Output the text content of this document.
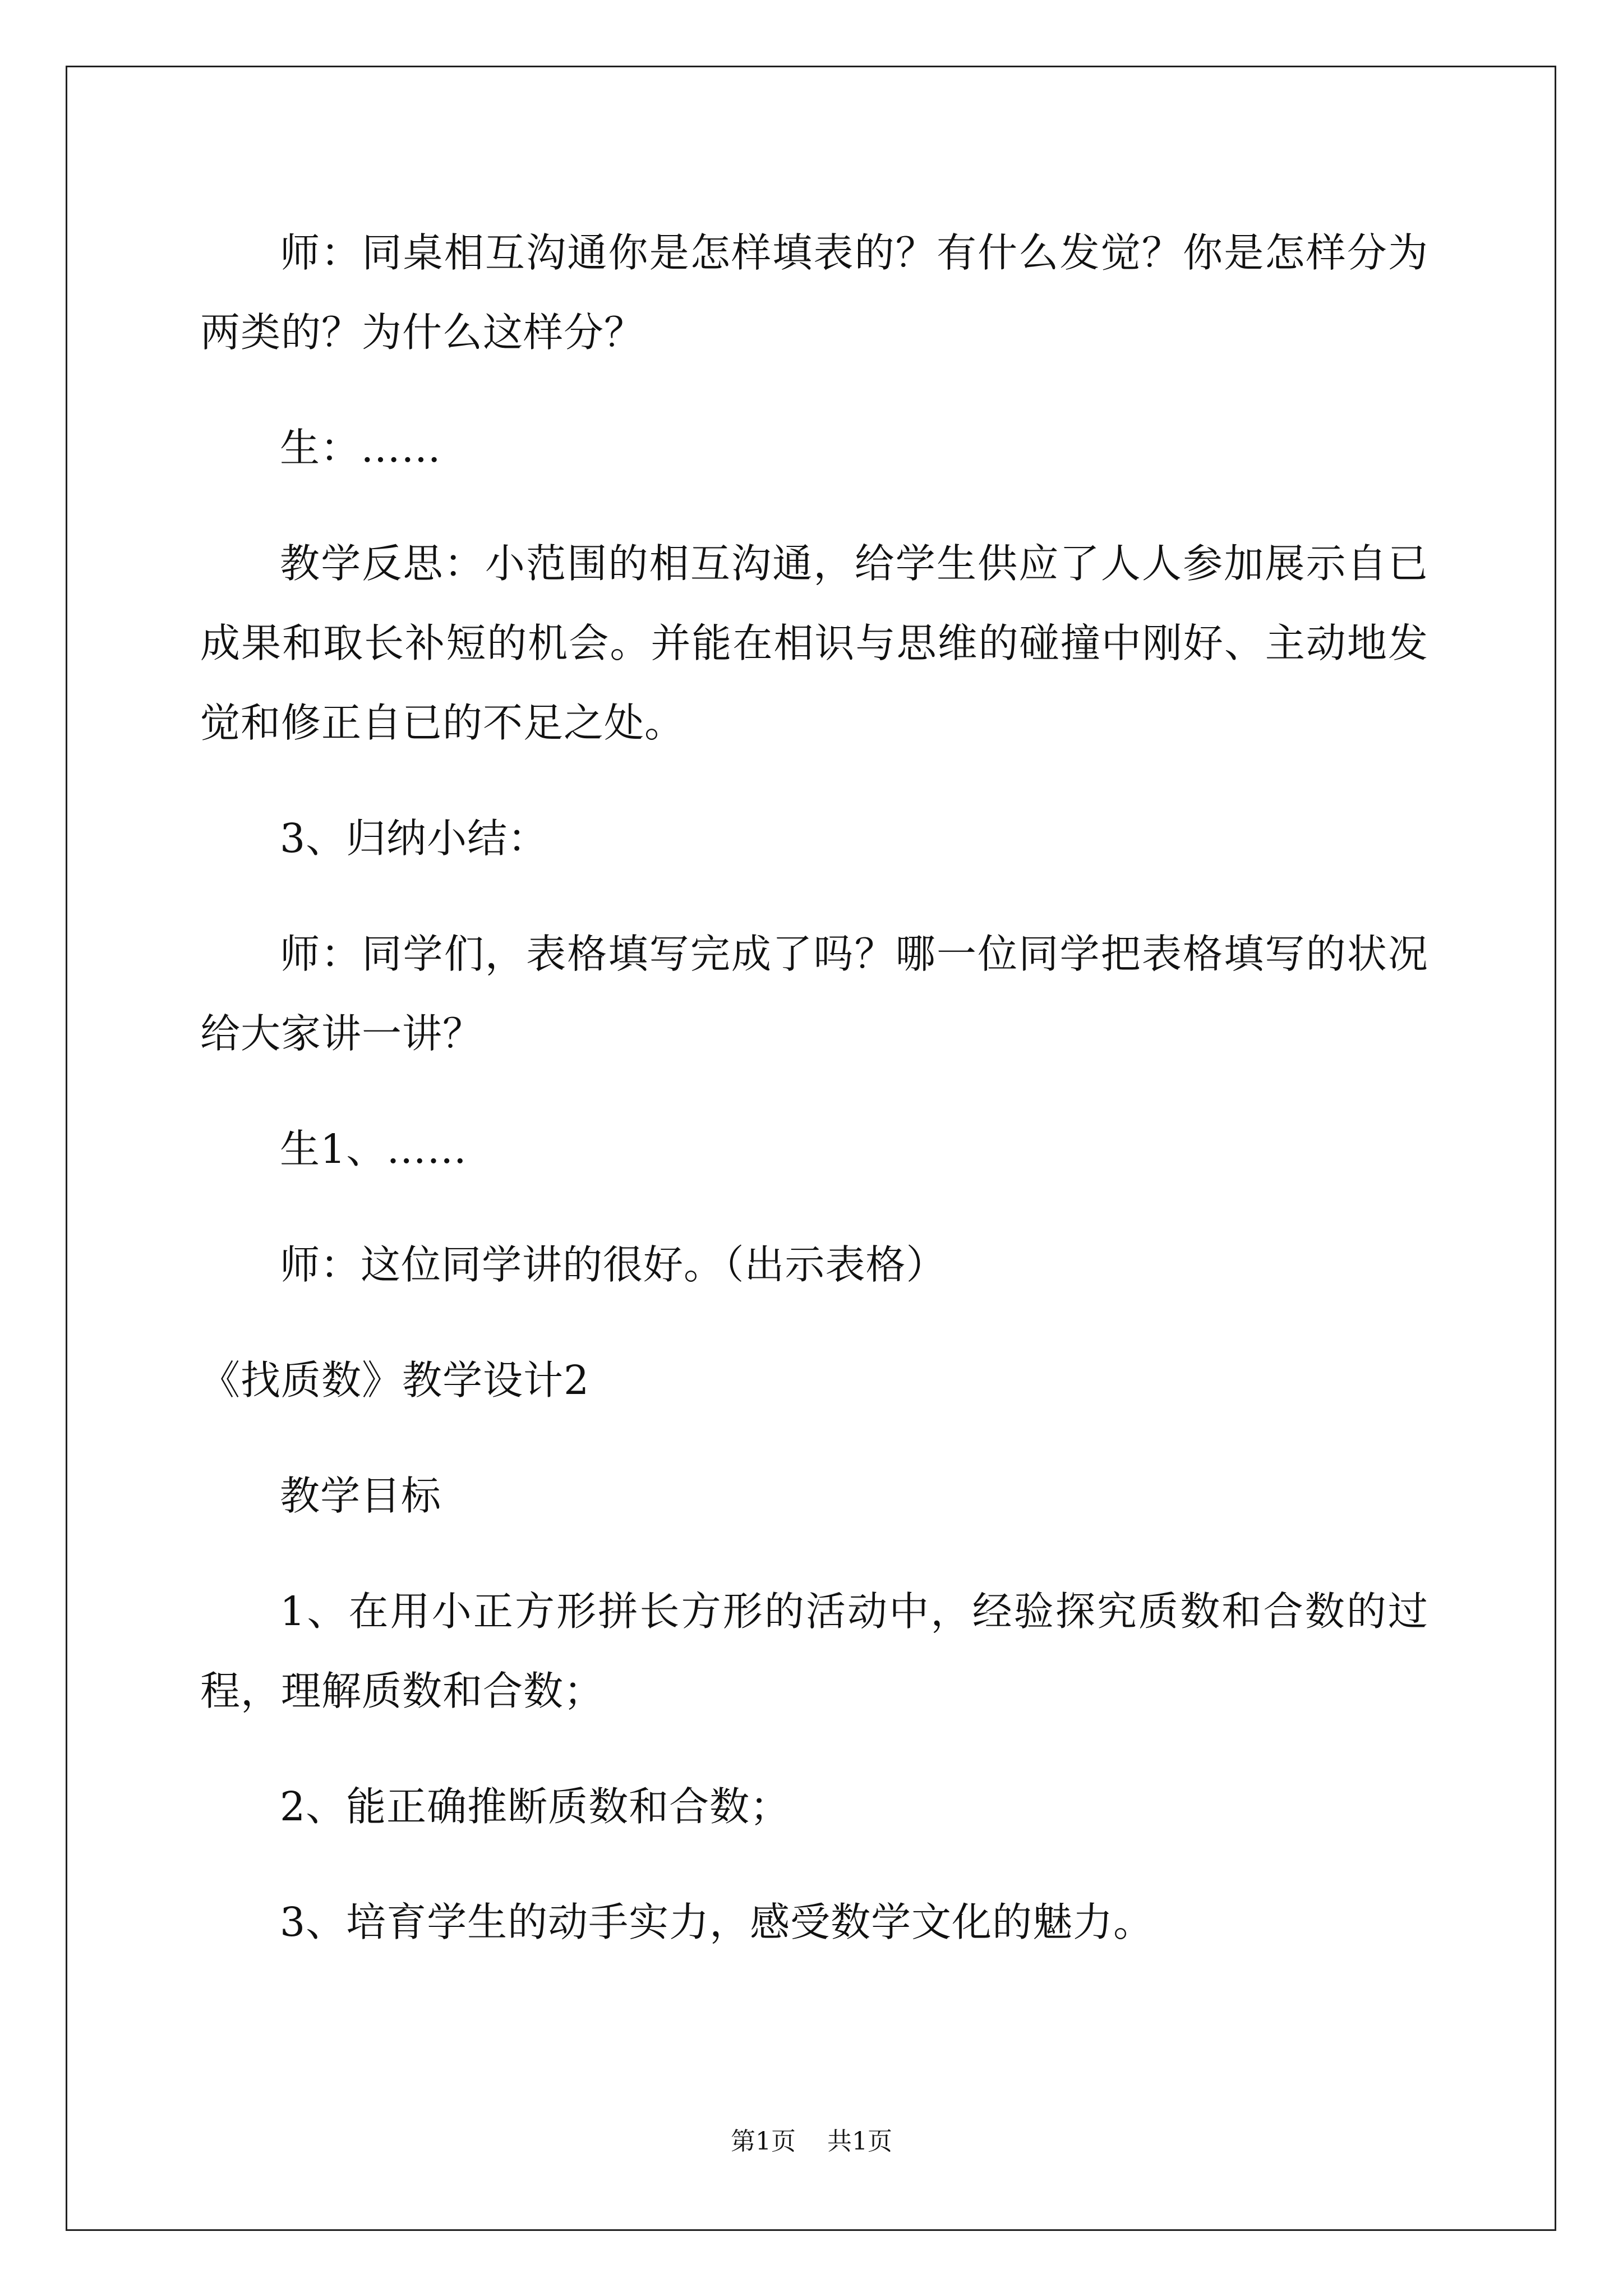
师：同桌相互沟通你是怎样填表的？有什么发觉？你是怎样分为两类的？为什么这样分？

生：……

教学反思：小范围的相互沟通，给学生供应了人人参加展示自已成果和取长补短的机会。并能在相识与思维的碰撞中刚好、主动地发觉和修正自已的不足之处。

3、归纳小结：

师：同学们，表格填写完成了吗？哪一位同学把表格填写的状况给大家讲一讲？

生1、……

师：这位同学讲的很好。（出示表格）

《找质数》教学设计2

教学目标

1、在用小正方形拼长方形的活动中，经验探究质数和合数的过程，理解质数和合数；

2、能正确推断质数和合数；

3、培育学生的动手实力，感受数学文化的魅力。

第1页 共1页
